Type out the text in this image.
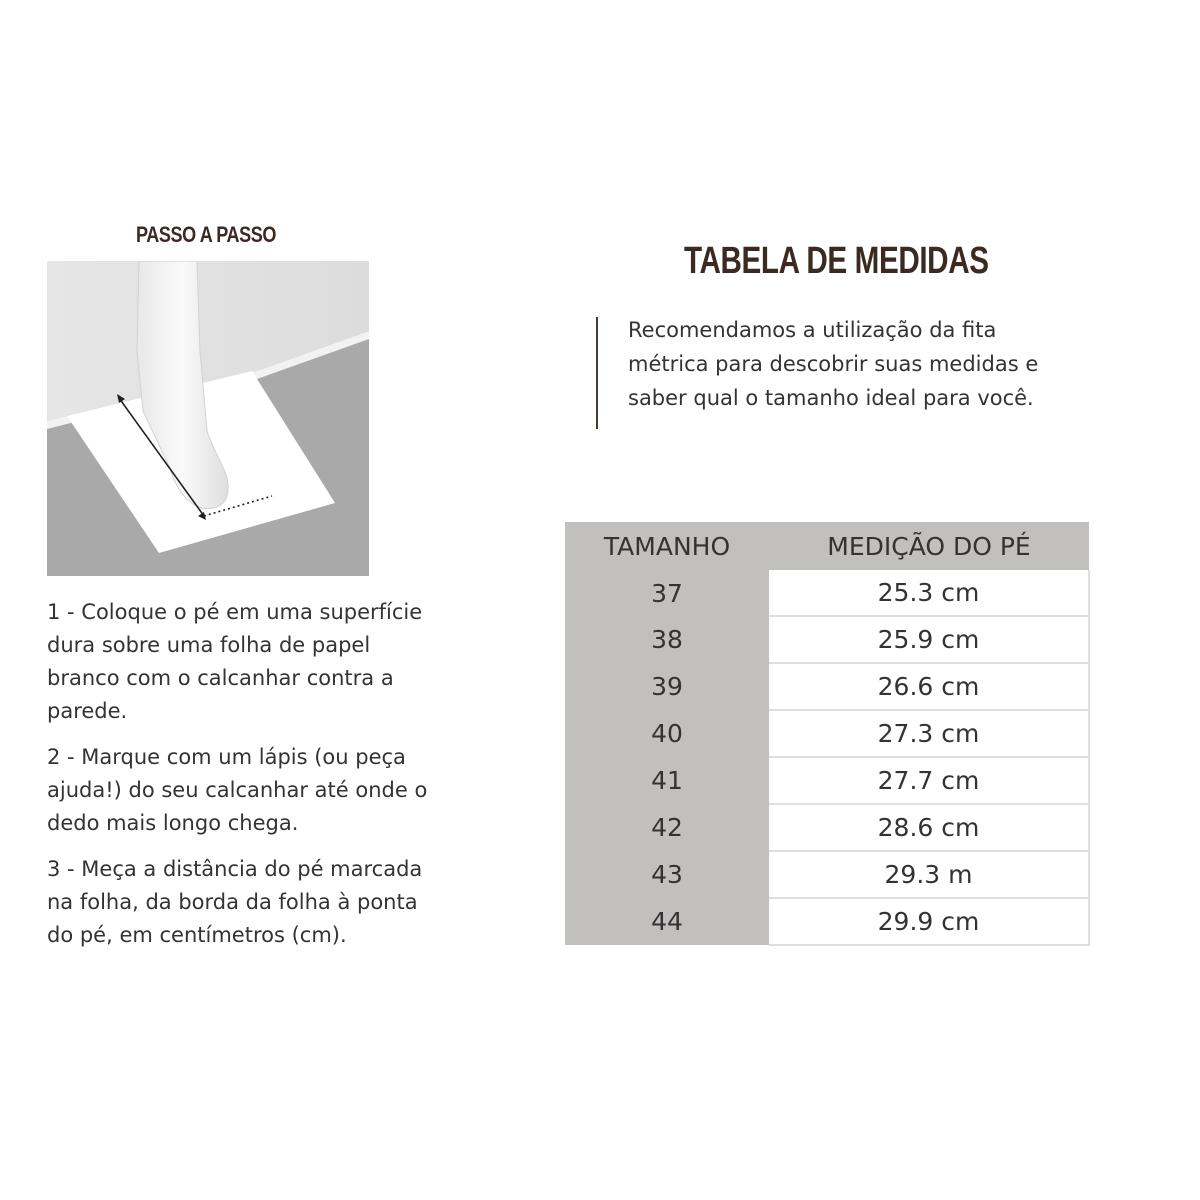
PASSO A PASSO

1 - Coloque o pé em uma superfície dura sobre uma folha de papel branco com o calcanhar contra a parede.

2 - Marque com um lápis (ou peça ajuda!) do seu calcanhar até onde o dedo mais longo chega.

3 - Meça a distância do pé marcada na folha, da borda da folha à ponta do pé, em centímetros (cm).

TABELA DE MEDIDAS
Recomendamos a utilização da fita métrica para descobrir suas medidas e saber qual o tamanho ideal para você.
TAMANHO	MEDIÇÃO DO PÉ
37	25.3 cm
38	25.9 cm
39	26.6 cm
40	27.3 cm
41	27.7 cm
42	28.6 cm
43	29.3 m
44	29.9 cm
